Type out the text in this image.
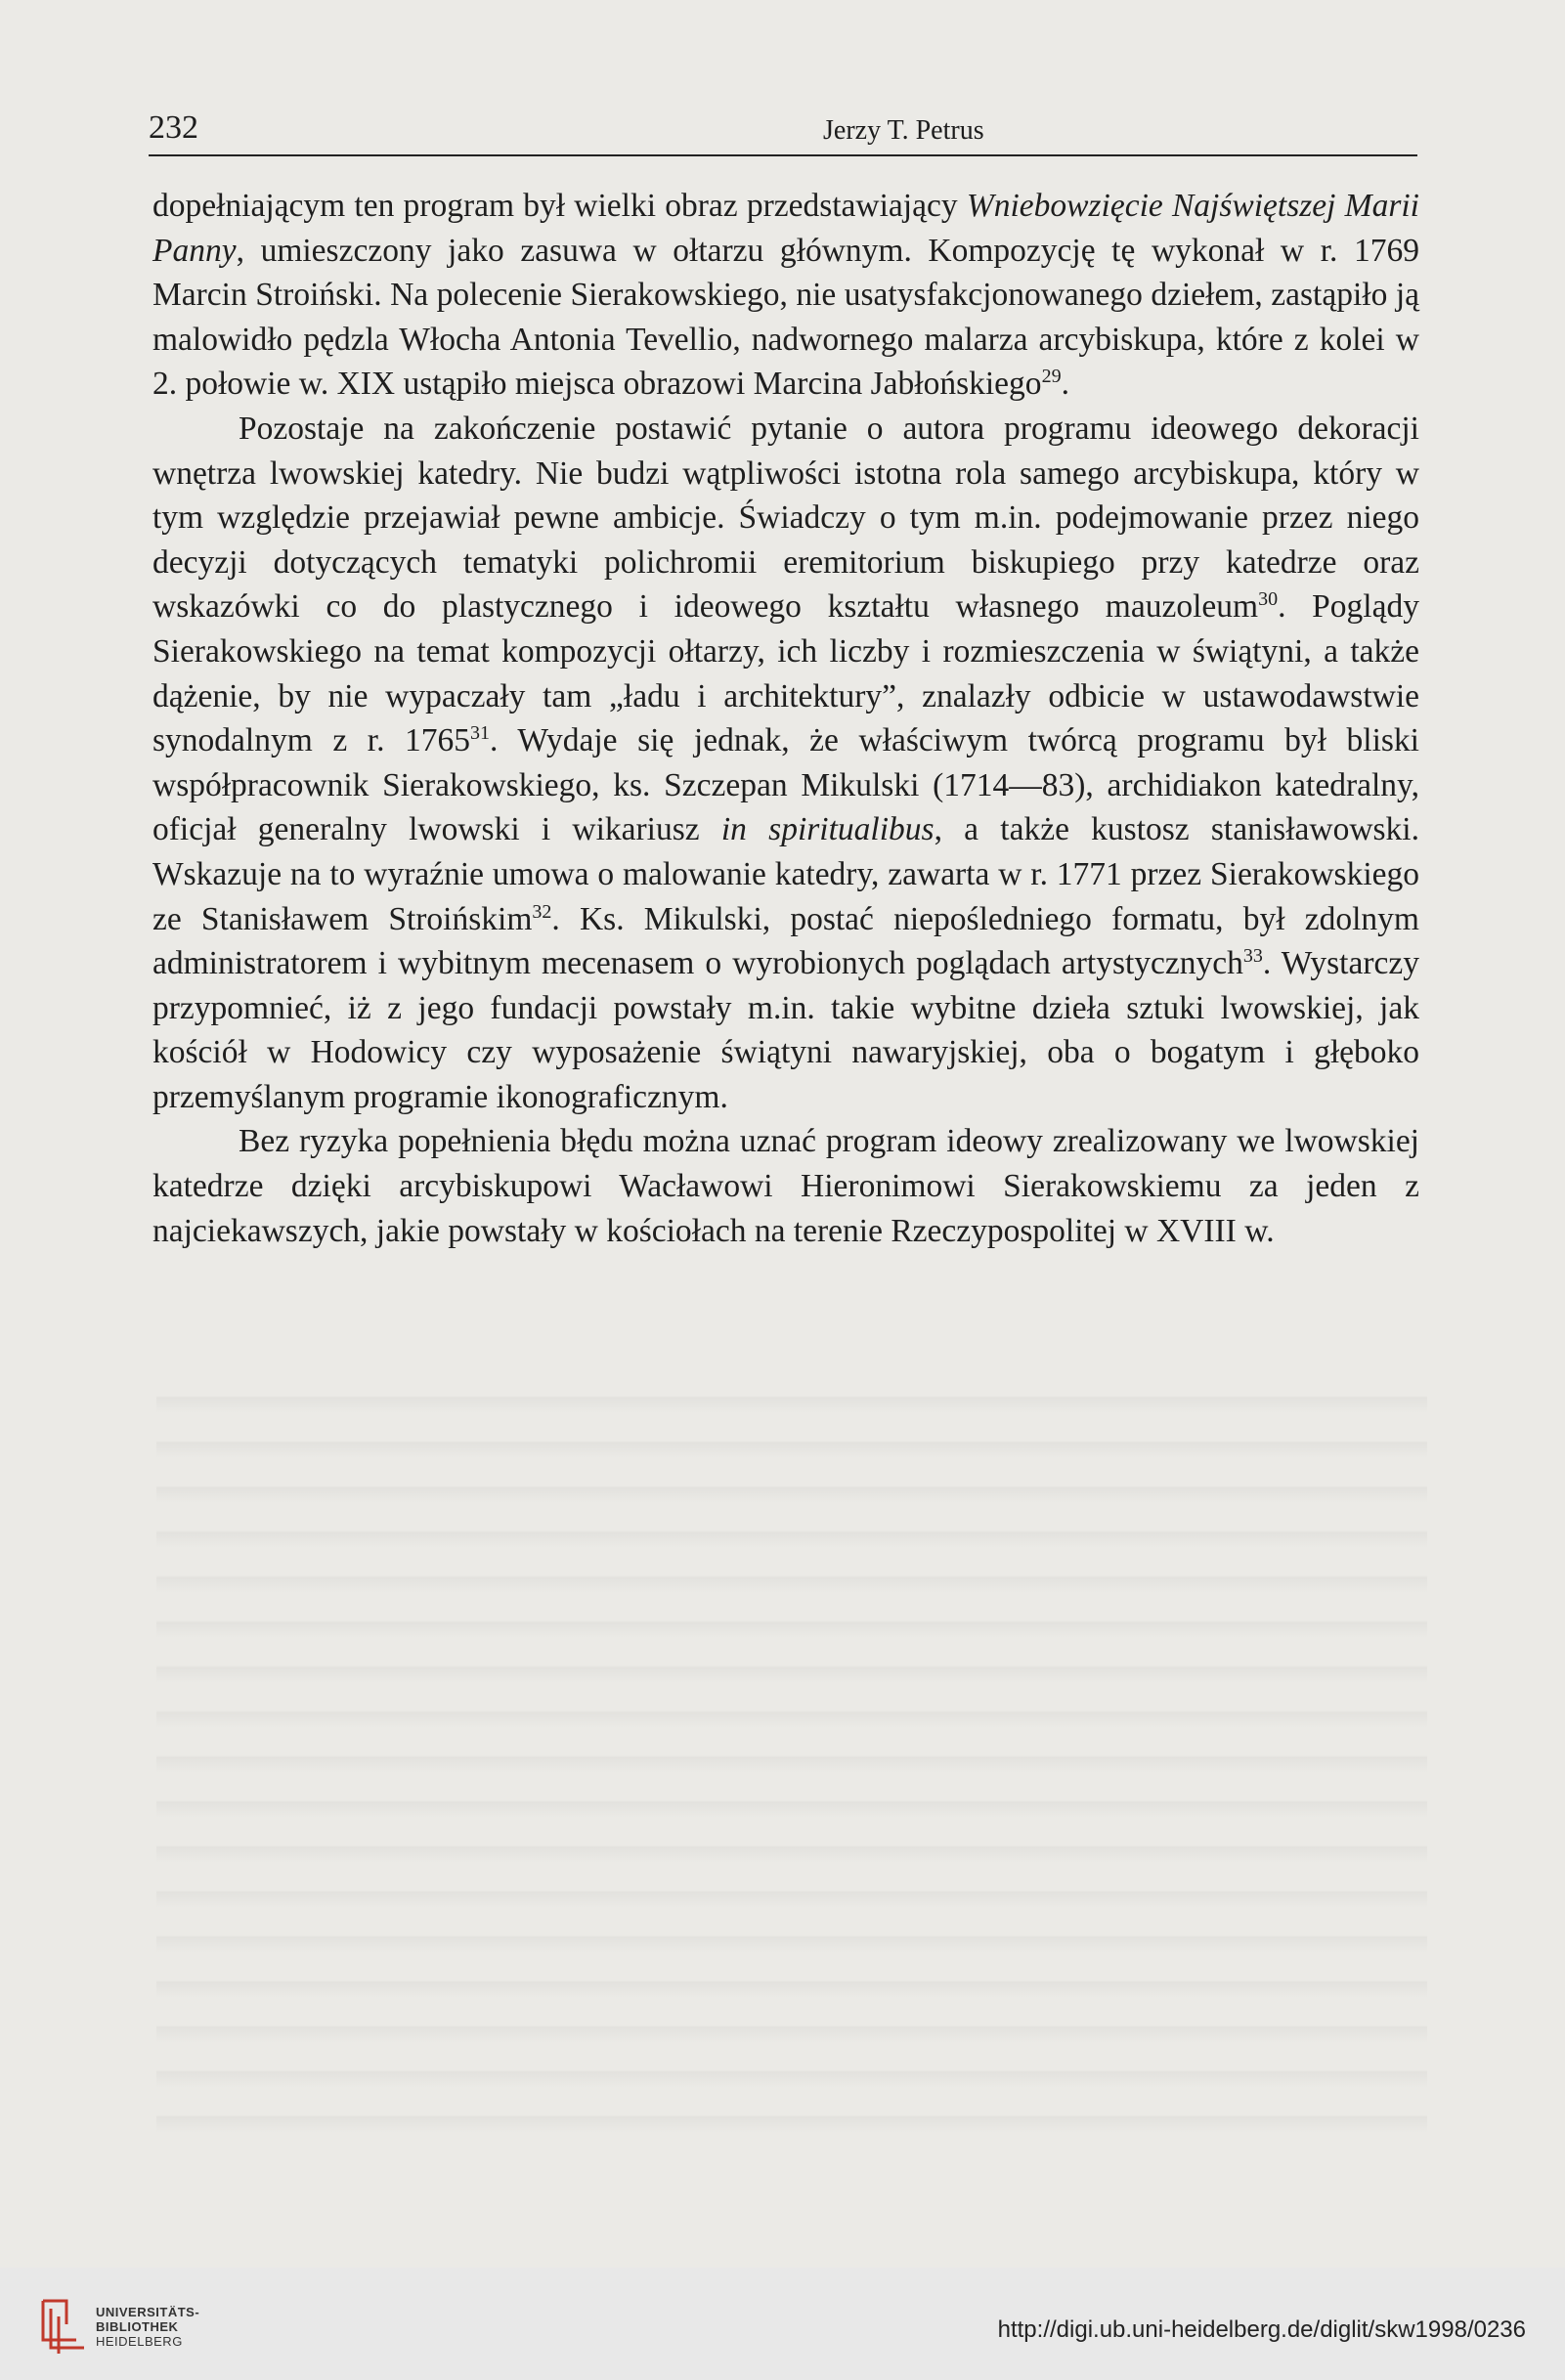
232	Jerzy T. Petrus

dopełniającym ten program był wielki obraz przedstawiający Wniebowzięcie Najświętszej Marii Panny, umieszczony jako zasuwa w ołtarzu głównym. Kompozycję tę wykonał w r. 1769 Marcin Stroiński. Na polecenie Sierakowskiego, nie usatysfakcjonowanego dziełem, zastąpiło ją malowidło pędzla Włocha Antonia Tevellio, nadwornego malarza arcybiskupa, które z kolei w 2. połowie w. XIX ustąpiło miejsca obrazowi Marcina Jabłońskiego$^{29}$.

Pozostaje na zakończenie postawić pytanie o autora programu ideowego dekoracji wnętrza lwowskiej katedry. Nie budzi wątpliwości istotna rola samego arcybiskupa, który w tym względzie przejawiał pewne ambicje. Świadczy o tym m.in. podejmowanie przez niego decyzji dotyczących tematyki polichromii eremitorium biskupiego przy katedrze oraz wskazówki co do plastycznego i ideowego kształtu własnego mauzoleum$^{30}$. Poglądy Sierakowskiego na temat kompozycji ołtarzy, ich liczby i rozmieszczenia w świątyni, a także dążenie, by nie wypaczały tam „ładu i architektury”, znalazły odbicie w ustawodawstwie synodalnym z r. 1765$^{31}$. Wydaje się jednak, że właściwym twórcą programu był bliski współpracownik Sierakowskiego, ks. Szczepan Mikulski (1714—83), archidiakon katedralny, oficjał generalny lwowski i wikariusz in spiritualibus, a także kustosz stanisławowski. Wskazuje na to wyraźnie umowa o malowanie katedry, zawarta w r. 1771 przez Sierakowskiego ze Stanisławem Stroińskim$^{32}$. Ks. Mikulski, postać niepośledniego formatu, był zdolnym administratorem i wybitnym mecenasem o wyrobionych poglądach artystycznych$^{33}$. Wystarczy przypomnieć, iż z jego fundacji powstały m.in. takie wybitne dzieła sztuki lwowskiej, jak kościół w Hodowicy czy wyposażenie świątyni nawaryjskiej, oba o bogatym i głęboko przemyślanym programie ikonograficznym.

Bez ryzyka popełnienia błędu można uznać program ideowy zrealizowany we lwowskiej katedrze dzięki arcybiskupowi Wacławowi Hieronimowi Sierakowskiemu za jeden z najciekawszych, jakie powstały w kościołach na terenie Rzeczypospolitej w XVIII w.

UNIVERSITÄTS-
BIBLIOTHEK
HEIDELBERG	http://digi.ub.uni-heidelberg.de/diglit/skw1998/0236
